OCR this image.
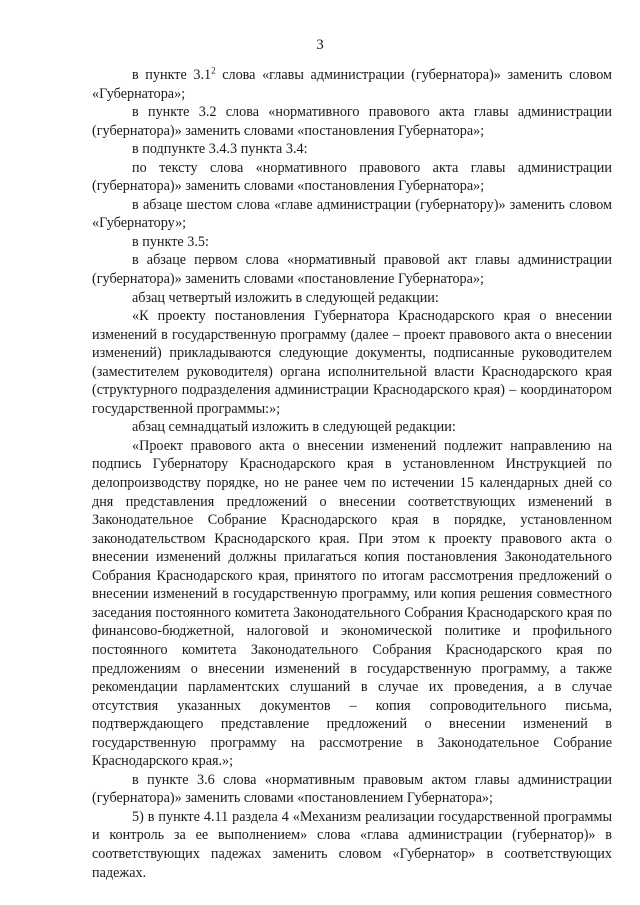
3

в пункте $3.1^2$ слова «главы администрации (губернатора)» заменить словом «Губернатора»;

в пункте 3.2 слова «нормативного правового акта главы администрации (губернатора)» заменить словами «постановления Губернатора»;

в подпункте 3.4.3 пункта 3.4:

по тексту слова «нормативного правового акта главы администрации (губернатора)» заменить словами «постановления Губернатора»;

в абзаце шестом слова «главе администрации (губернатору)» заменить словом «Губернатору»;

в пункте 3.5:

в абзаце первом слова «нормативный правовой акт главы администрации (губернатора)» заменить словами «постановление Губернатора»;

абзац четвертый изложить в следующей редакции:

«К проекту постановления Губернатора Краснодарского края о внесении изменений в государственную программу (далее – проект правового акта о внесении изменений) прикладываются следующие документы, подписанные руководителем (заместителем руководителя) органа исполнительной власти Краснодарского края (структурного подразделения администрации Краснодарского края) – координатором государственной программы:»;

абзац семнадцатый изложить в следующей редакции:

«Проект правового акта о внесении изменений подлежит направлению на подпись Губернатору Краснодарского края в установленном Инструкцией по делопроизводству порядке, но не ранее чем по истечении 15 календарных дней со дня представления предложений о внесении соответствующих изменений в Законодательное Собрание Краснодарского края в порядке, установленном законодательством Краснодарского края. При этом к проекту правового акта о внесении изменений должны прилагаться копия постановления Законодательного Собрания Краснодарского края, принятого по итогам рассмотрения предложений о внесении изменений в государственную программу, или копия решения совместного заседания постоянного комитета Законодательного Собрания Краснодарского края по финансово-бюджетной, налоговой и экономической политике и профильного постоянного комитета Законодательного Собрания Краснодарского края по предложениям о внесении изменений в государственную программу, а также рекомендации парламентских слушаний в случае их проведения, а в случае отсутствия указанных документов – копия сопроводительного письма, подтверждающего представление предложений о внесении изменений в государственную программу на рассмотрение в Законодательное Собрание Краснодарского края.»;

в пункте 3.6 слова «нормативным правовым актом главы администрации (губернатора)» заменить словами «постановлением Губернатора»;

5) в пункте 4.11 раздела 4 «Механизм реализации государственной программы и контроль за ее выполнением» слова «глава администрации (губернатор)» в соответствующих падежах заменить словом «Губернатор» в соответствующих падежах.
